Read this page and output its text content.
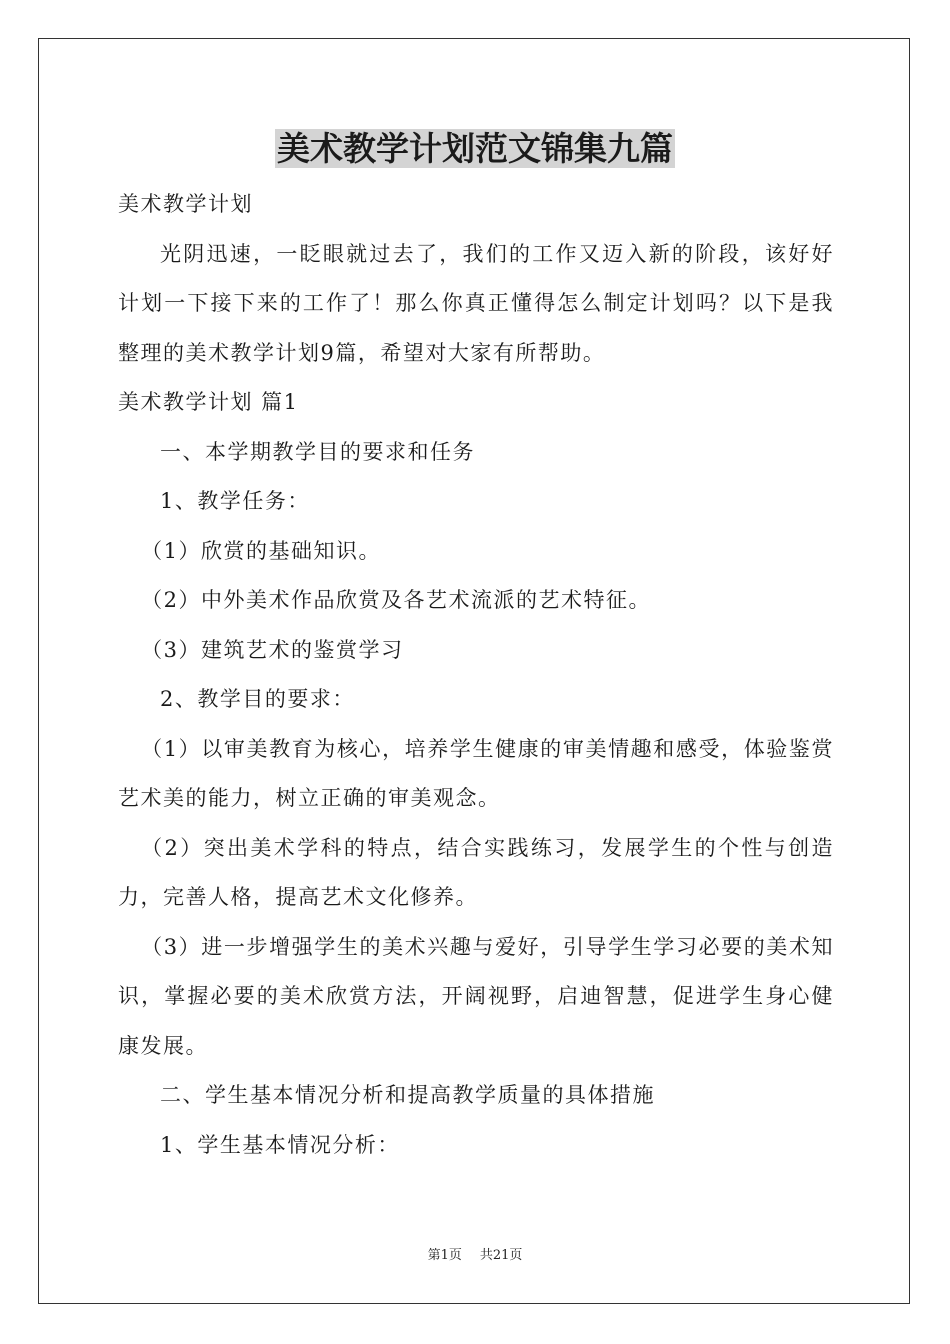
美术教学计划范文锦集九篇

美术教学计划

光阴迅速，一眨眼就过去了，我们的工作又迈入新的阶段，该好好计划一下接下来的工作了！那么你真正懂得怎么制定计划吗？以下是我整理的美术教学计划9篇，希望对大家有所帮助。

美术教学计划 篇1

一、本学期教学目的要求和任务

1、教学任务：

（1）欣赏的基础知识。

（2）中外美术作品欣赏及各艺术流派的艺术特征。

（3）建筑艺术的鉴赏学习

2、教学目的要求：

（1）以审美教育为核心，培养学生健康的审美情趣和感受，体验鉴赏艺术美的能力，树立正确的审美观念。

（2）突出美术学科的特点，结合实践练习，发展学生的个性与创造力，完善人格，提高艺术文化修养。

（3）进一步增强学生的美术兴趣与爱好，引导学生学习必要的美术知识，掌握必要的美术欣赏方法，开阔视野，启迪智慧，促进学生身心健康发展。

二、学生基本情况分析和提高教学质量的具体措施

1、学生基本情况分析：

第1页 共21页
